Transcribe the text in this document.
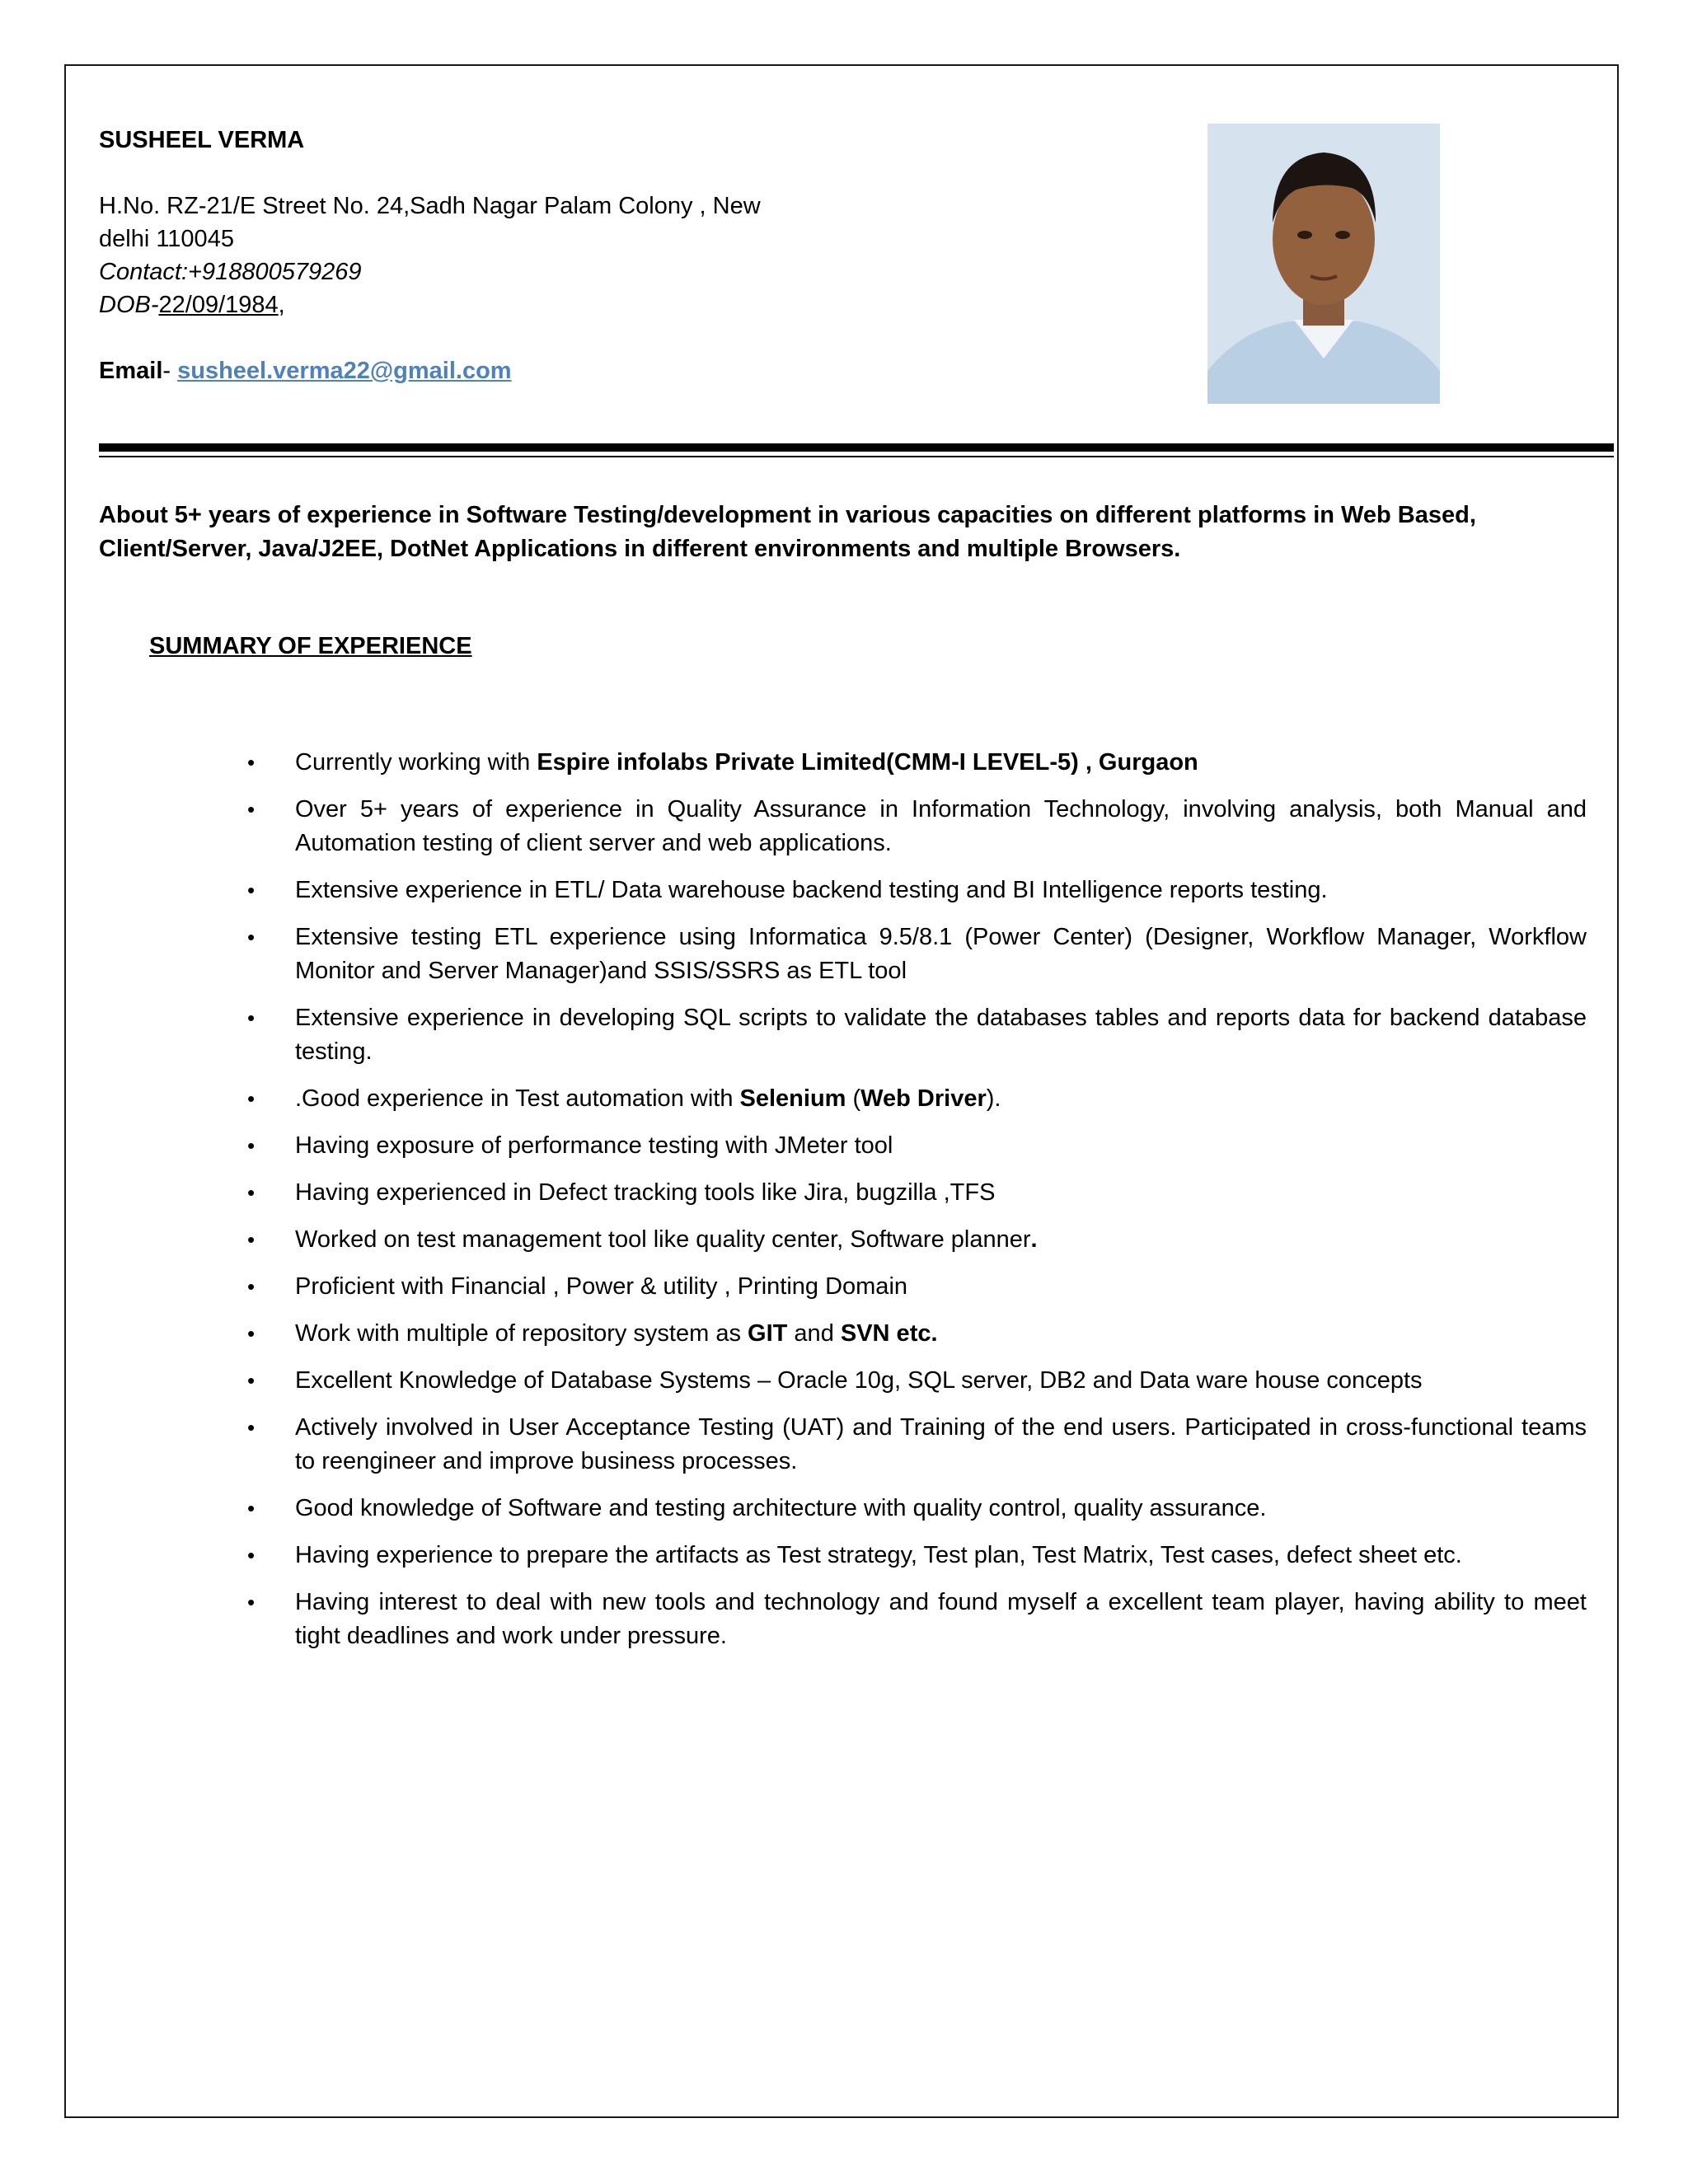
SUSHEEL VERMA
H.No. RZ-21/E Street No. 24,Sadh Nagar Palam Colony , New
delhi 110045
Contact:+918800579269
DOB-22/09/1984,
Email- susheel.verma22@gmail.com
About 5+ years of experience in Software Testing/development in various capacities on different platforms in Web Based, Client/Server, Java/J2EE, DotNet Applications in different environments and multiple Browsers.
SUMMARY OF EXPERIENCE
• Currently working with Espire infolabs Private Limited(CMM-I LEVEL-5) , Gurgaon
• Over 5+ years of experience in Quality Assurance in Information Technology, involving analysis, both Manual and Automation testing of client server and web applications.
• Extensive experience in ETL/ Data warehouse backend testing and BI Intelligence reports testing.
• Extensive testing ETL experience using Informatica 9.5/8.1 (Power Center) (Designer, Workflow Manager, Workflow Monitor and Server Manager)and SSIS/SSRS as ETL tool
• Extensive experience in developing SQL scripts to validate the databases tables and reports data for backend database testing.
• .Good experience in Test automation with Selenium (Web Driver).
• Having exposure of performance testing with JMeter tool
• Having experienced in Defect tracking tools like Jira, bugzilla ,TFS
• Worked on test management tool like quality center, Software planner.
• Proficient with Financial , Power & utility , Printing Domain
• Work with multiple of repository system as GIT and SVN etc.
• Excellent Knowledge of Database Systems – Oracle 10g, SQL server, DB2 and Data ware house concepts
• Actively involved in User Acceptance Testing (UAT) and Training of the end users. Participated in cross-functional teams to reengineer and improve business processes.
• Good knowledge of Software and testing architecture with quality control, quality assurance.
• Having experience to prepare the artifacts as Test strategy, Test plan, Test Matrix, Test cases, defect sheet etc.
• Having interest to deal with new tools and technology and found myself a excellent team player, having ability to meet tight deadlines and work under pressure.
